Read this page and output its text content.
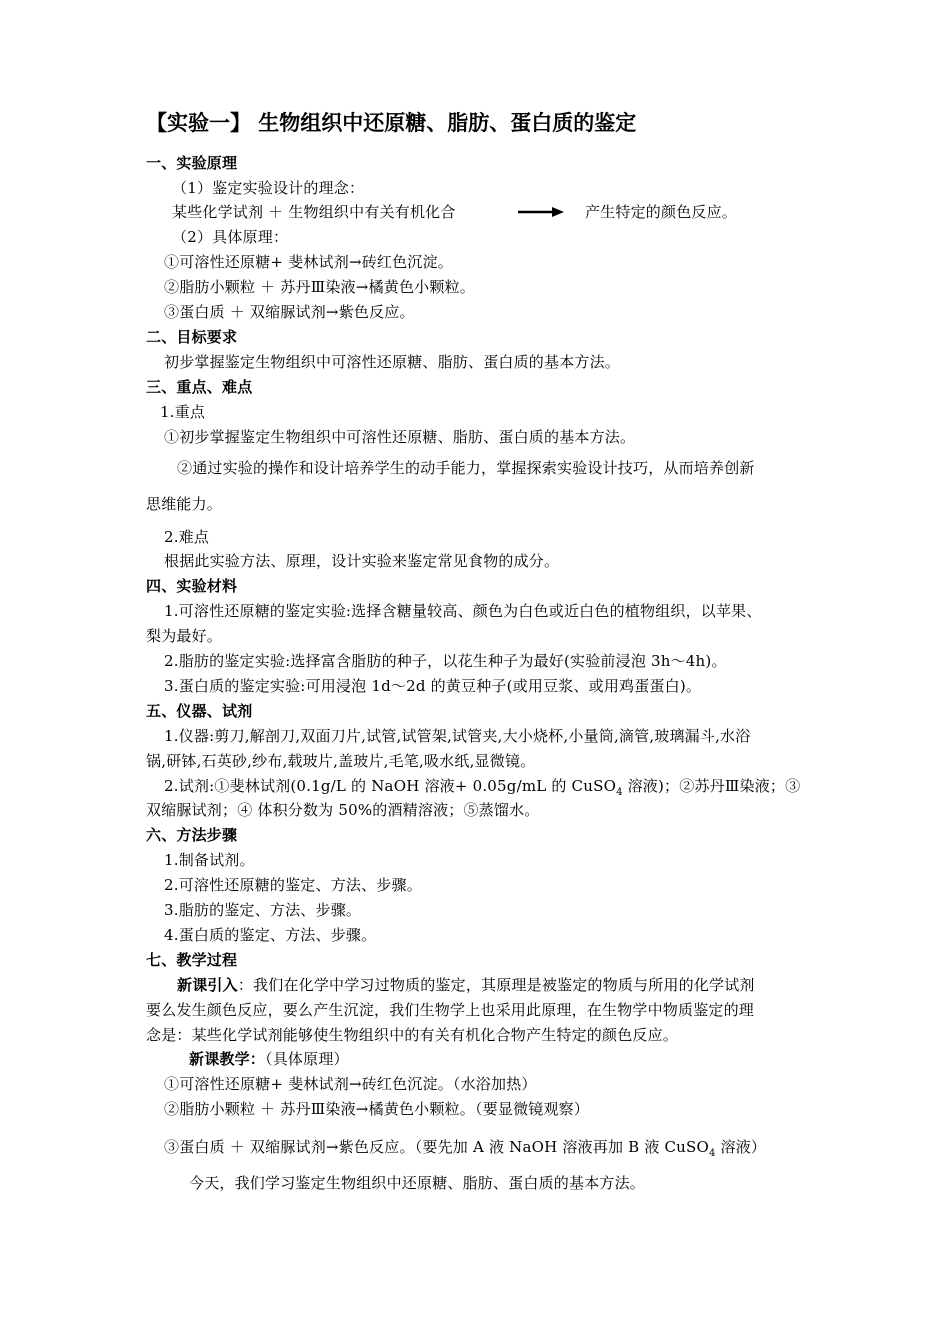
【实验一】 生物组织中还原糖、脂肪、蛋白质的鉴定
一、实验原理
（1）鉴定实验设计的理念：
某些化学试剂 ＋ 生物组织中有关有机化合	产生特定的颜色反应。
（2）具体原理：
①可溶性还原糖+ 斐林试剂→砖红色沉淀。
②脂肪小颗粒 ＋ 苏丹Ⅲ染液→橘黄色小颗粒。
③蛋白质 ＋ 双缩脲试剂→紫色反应。
二、目标要求
初步掌握鉴定生物组织中可溶性还原糖、脂肪、蛋白质的基本方法。
三、重点、难点
1.重点
①初步掌握鉴定生物组织中可溶性还原糖、脂肪、蛋白质的基本方法。
②通过实验的操作和设计培养学生的动手能力，掌握探索实验设计技巧，从而培养创新
思维能力。
2.难点
根据此实验方法、原理，设计实验来鉴定常见食物的成分。
四、实验材料
1.可溶性还原糖的鉴定实验:选择含糖量较高、颜色为白色或近白色的植物组织，以苹果、
梨为最好。
2.脂肪的鉴定实验:选择富含脂肪的种子，以花生种子为最好(实验前浸泡 3h～4h)。
3.蛋白质的鉴定实验:可用浸泡 1d～2d 的黄豆种子(或用豆浆、或用鸡蛋蛋白)。
五、仪器、试剂
1.仪器:剪刀,解剖刀,双面刀片,试管,试管架,试管夹,大小烧杯,小量筒,滴管,玻璃漏斗,水浴
锅,研钵,石英砂,纱布,载玻片,盖玻片,毛笔,吸水纸,显微镜。
2.试剂:①斐林试剂(0.1g/L 的 NaOH 溶液+ 0.05g/mL 的 CuSO$_4$ 溶液)；②苏丹Ⅲ染液；③
双缩脲试剂；④ 体积分数为 50%的酒精溶液；⑤蒸馏水。
六、方法步骤
1.制备试剂。
2.可溶性还原糖的鉴定、方法、步骤。
3.脂肪的鉴定、方法、步骤。
4.蛋白质的鉴定、方法、步骤。
七、教学过程
新课引入：我们在化学中学习过物质的鉴定，其原理是被鉴定的物质与所用的化学试剂
要么发生颜色反应，要么产生沉淀，我们生物学上也采用此原理，在生物学中物质鉴定的理
念是：某些化学试剂能够使生物组织中的有关有机化合物产生特定的颜色反应。
新课教学：（具体原理）
①可溶性还原糖+ 斐林试剂→砖红色沉淀。（水浴加热）
②脂肪小颗粒 ＋ 苏丹Ⅲ染液→橘黄色小颗粒。（要显微镜观察）
③蛋白质 ＋ 双缩脲试剂→紫色反应。（要先加 A 液 NaOH 溶液再加 B 液 CuSO$_4$ 溶液）
今天，我们学习鉴定生物组织中还原糖、脂肪、蛋白质的基本方法。
